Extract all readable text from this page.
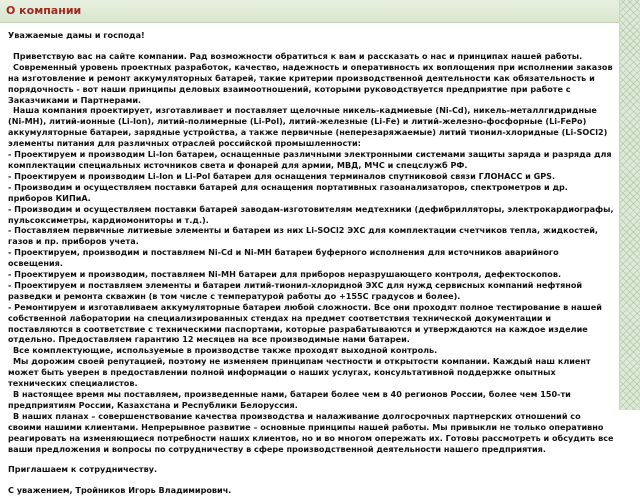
О компании

Уважаемые дамы и господа!

Приветствую вас на сайте компании. Рад возможности обратиться к вам и рассказать о нас и принципах нашей работы.

Современный уровень проектных разработок, качество, надежность и оперативность их воплощения при исполнении заказов на изготовление и ремонт аккумуляторных батарей, такие критерии производственной деятельности как обязательность и порядочность - вот наши принципы деловых взаимоотношений, которыми руководствуется предприятие при работе с Заказчиками и Партнерами.

Наша компания проектирует, изготавливает и поставляет щелочные никель-кадмиевые (Ni-Cd), никель-металлгидридные (Ni-MH), литий-ионные (Li-Ion), литий-полимерные (Li-Pol), литий-железные (Li-Fe) и литий-железно-фосфорные (Li-FePo) аккумуляторные батареи, зарядные устройства, а также первичные (неперезаряжаемые) литий тионил-хлоридные (Li-SOCl2) элементы питания для различных отраслей российской промышленности:

- Проектируем и производим Li-Ion батареи, оснащенные различными электронными системами защиты заряда и разряда для комплектации специальных источников света и фонарей для армии, МВД, МЧС и спецслужб РФ.

- Проектируем и производим Li-Ion и Li-Pol батареи для оснащения терминалов спутниковой связи ГЛОНАСС и GPS.

- Производим и осуществляем поставки батарей для оснащения портативных газоанализаторов, спектрометров и др. приборов КИПиА.

- Производим и осуществляем поставки батарей заводам-изготовителям медтехники (дефибрилляторы, электрокардиографы, пульсоксиметры, кардиомониторы и т.д.).

- Поставляем первичные литиевые элементы и батареи из них Li-SOCl2 ЭХС для комплектации счетчиков тепла, жидкостей, газов и пр. приборов учета.

- Проектируем, производим и поставляем Ni-Cd и Ni-MH батареи буферного исполнения для источников аварийного освещения.

- Проектируем и производим, поставляем Ni-MH батареи для приборов неразрушающего контроля, дефектоскопов.

- Проектируем и поставляем элементы и батареи литий-тионил-хлоридной ЭХС для нужд сервисных компаний нефтяной разведки и ремонта скважин (в том числе с температурой работы до +155С градусов и более).

- Ремонтируем и изготавливаем аккумуляторные батареи любой сложности. Все они проходят полное тестирование в нашей собственной лаборатории на специализированных стендах на предмет соответствия технической документации и поставляются в соответствие с техническими паспортами, которые разрабатываются и утверждаются на каждое изделие отдельно. Предоставляем гарантию 12 месяцев на все производимые нами батареи.

Все комплектующие, используемые в производстве также проходят выходной контроль.

Мы дорожим своей репутацией, поэтому не изменяем принципам честности и открытости компании. Каждый наш клиент может быть уверен в предоставлении полной информации о наших услугах, консультативной поддержке опытных технических специалистов.

В настоящее время мы поставляем, произведенные нами, батареи более чем в 40 регионов России, более чем 150-ти предприятиям России, Казахстана и Республики Белоруссия.

В наших планах – совершенствование качества производства и налаживание долгосрочных партнерских отношений со своими нашими клиентами. Непрерывное развитие – основные принципы нашей работы. Мы привыкли не только оперативно реагировать на изменяющиеся потребности наших клиентов, но и во многом опережать их. Готовы рассмотреть и обсудить все ваши предложения и вопросы по сотрудничеству в сфере производственной деятельности нашего предприятия.

Приглашаем к сотрудничеству.

С уважением, Тройников Игорь Владимирович.
